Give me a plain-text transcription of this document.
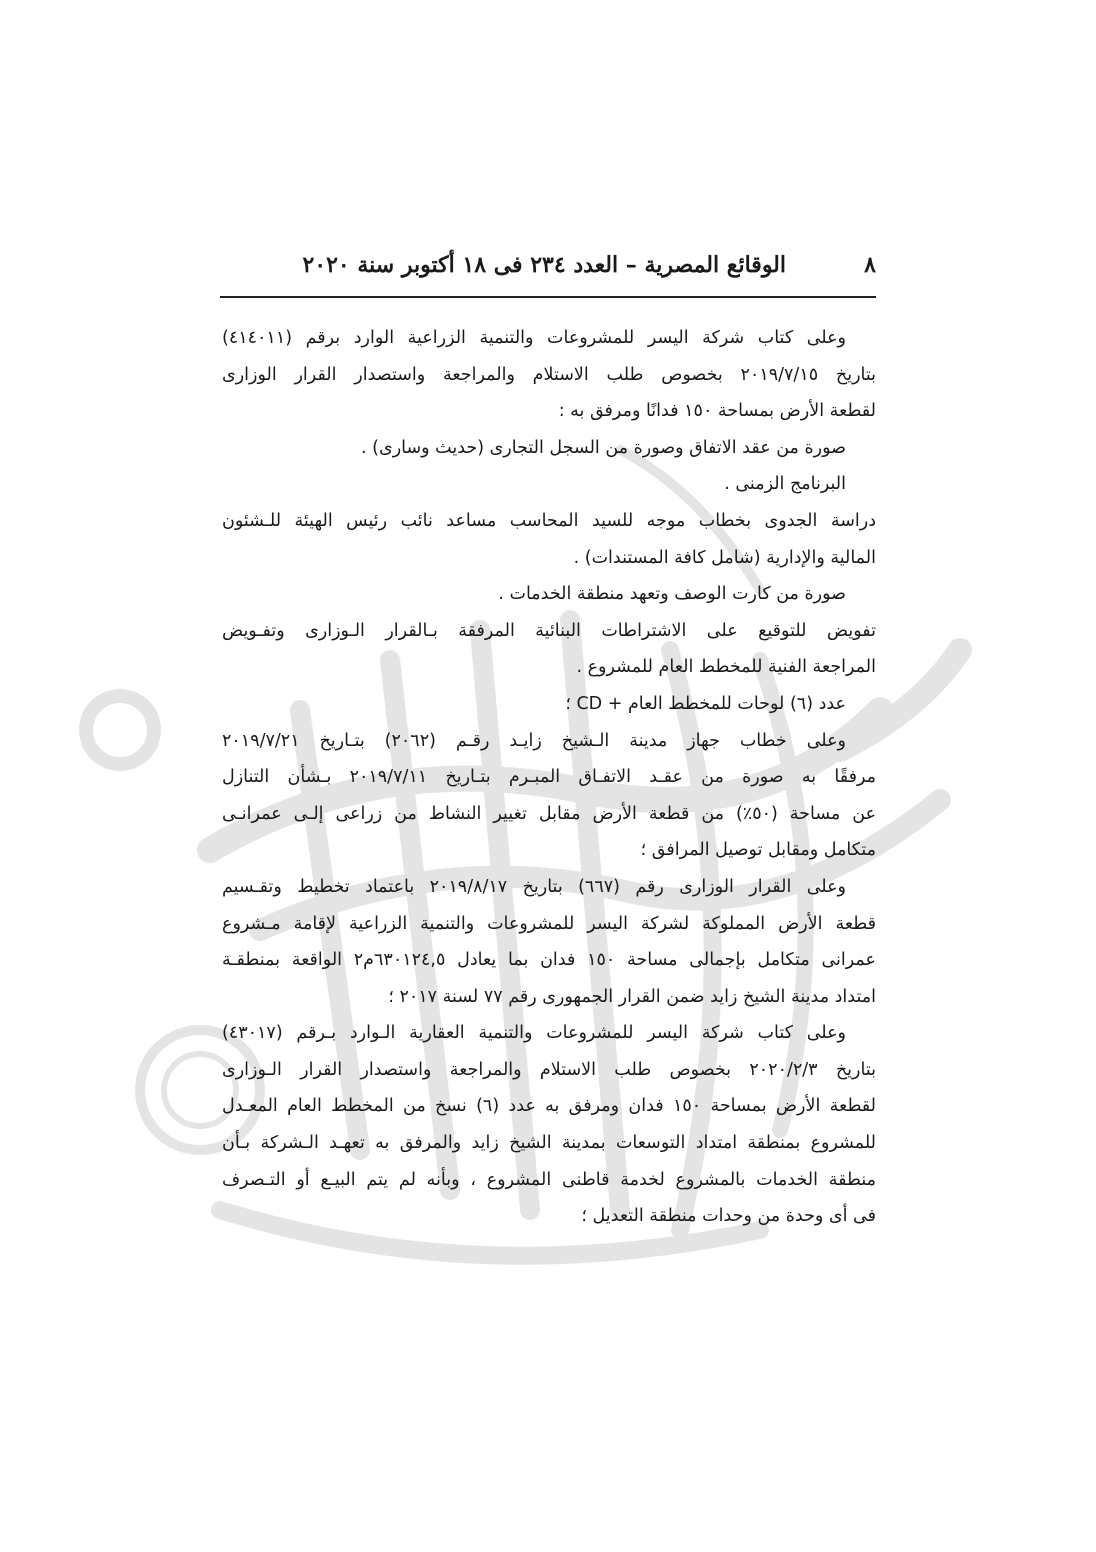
٨
الوقائع المصرية – العدد ٢٣٤ فى ١٨ أكتوبر سنة ٢٠٢٠
وعلى كتاب شركة اليسر للمشروعات والتنمية الزراعية الوارد برقم (٤١٤٠١١)
بتاريخ ٢٠١٩/٧/١٥ بخصوص طلب الاستلام والمراجعة واستصدار القرار الوزارى
لقطعة الأرض بمساحة ١٥٠ فدانًا ومرفق به :
صورة من عقد الاتفاق وصورة من السجل التجارى (حديث وسارى) .
البرنامج الزمنى .
دراسة الجدوى بخطاب موجه للسيد المحاسب مساعد نائب رئيس الهيئة للـشئون
المالية والإدارية (شامل كافة المستندات) .
صورة من كارت الوصف وتعهد منطقة الخدمات .
تفويض للتوقيع على الاشتراطات البنائية المرفقة بـالقرار الـوزارى وتفـويض
المراجعة الفنية للمخطط العام للمشروع .
عدد (٦) لوحات للمخطط العام + CD ؛
وعلى خطاب جهاز مدينة الـشيخ زايـد رقـم (٢٠٦٢) بتـاريخ ٢٠١٩/٧/٢١
مرفقًا به صورة من عقـد الاتفـاق المبـرم بتـاريخ ٢٠١٩/٧/١١ بـشأن التنازل
عن مساحة (٥٠٪) من قطعة الأرض مقابل تغيير النشاط من زراعى إلـى عمرانـى
متكامل ومقابل توصيل المرافق ؛
وعلى القرار الوزارى رقم (٦٦٧) بتاريخ ٢٠١٩/٨/١٧ باعتماد تخطيط وتقـسيم
قطعة الأرض المملوكة لشركة اليسر للمشروعات والتنمية الزراعية لإقامة مـشروع
عمرانى متكامل بإجمالى مساحة ١٥٠ فدان بما يعادل ٦٣٠١٢٤,٥م٢ الواقعة بمنطقـة
امتداد مدينة الشيخ زايد ضمن القرار الجمهورى رقم ٧٧ لسنة ٢٠١٧ ؛
وعلى كتاب شركة اليسر للمشروعات والتنمية العقارية الـوارد بـرقم (٤٣٠١٧)
بتاريخ ٢٠٢٠/٢/٣ بخصوص طلب الاستلام والمراجعة واستصدار القرار الـوزارى
لقطعة الأرض بمساحة ١٥٠ فدان ومرفق به عدد (٦) نسخ من المخطط العام المعـدل
للمشروع بمنطقة امتداد التوسعات بمدينة الشيخ زايد والمرفق به تعهـد الـشركة بـأن
منطقة الخدمات بالمشروع لخدمة قاطنى المشروع ، وبأنه لم يتم البيـع أو التـصرف
فى أى وحدة من وحدات منطقة التعديل ؛
